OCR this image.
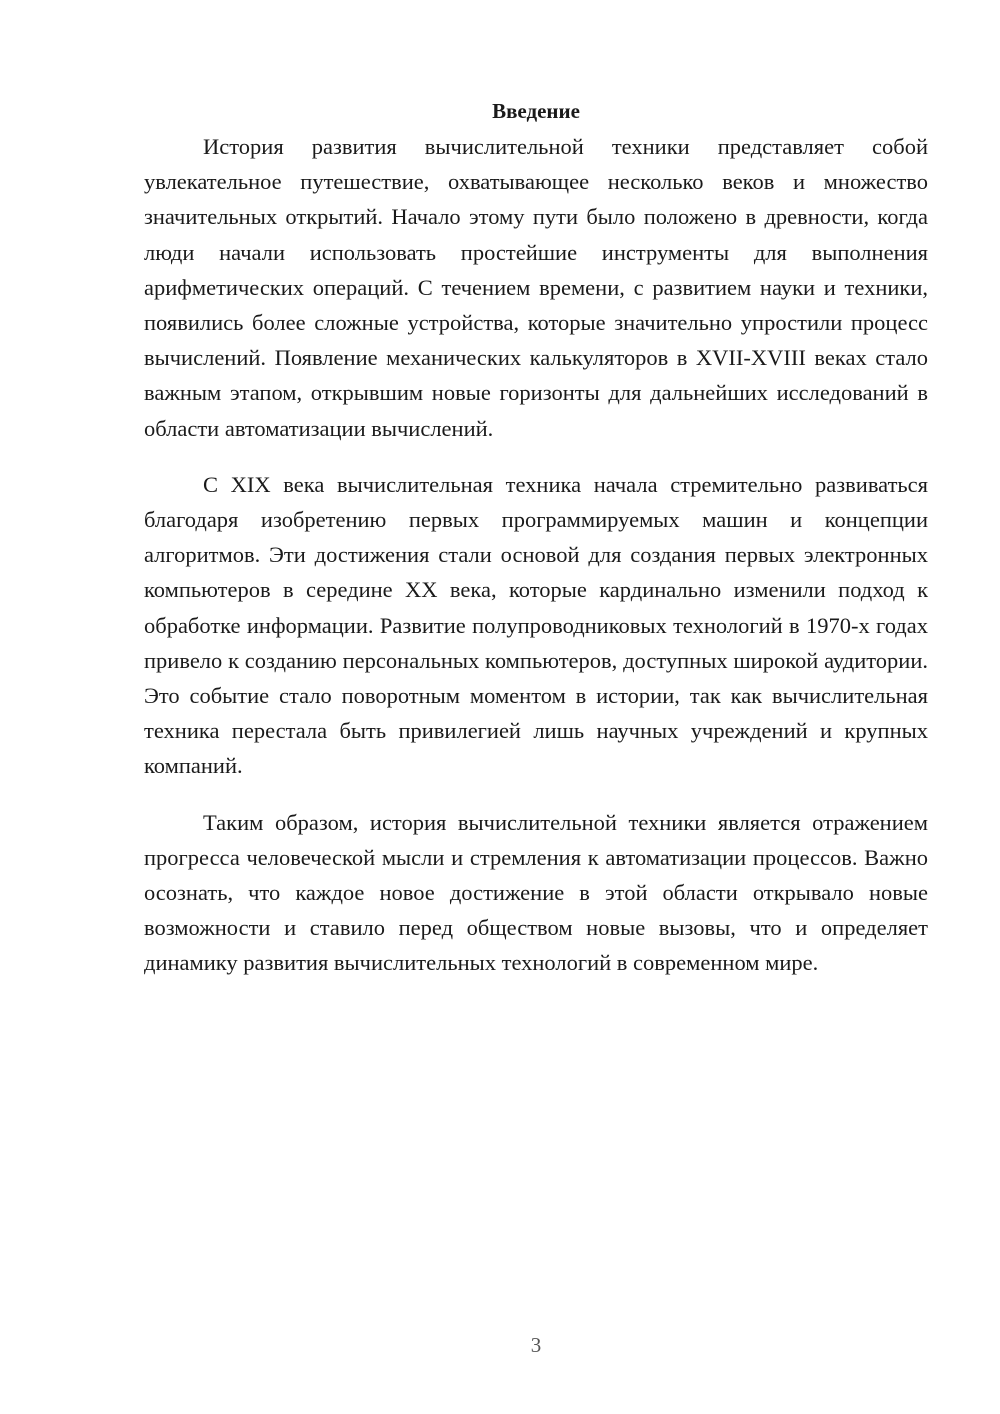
Введение

История развития вычислительной техники представляет собой увлекательное путешествие, охватывающее несколько веков и множество значительных открытий. Начало этому пути было положено в древности, когда люди начали использовать простейшие инструменты для выполнения арифметических операций. С течением времени, с развитием науки и техники, появились более сложные устройства, которые значительно упростили процесс вычислений. Появление механических калькуляторов в XVII-XVIII веках стало важным этапом, открывшим новые горизонты для дальнейших исследований в области автоматизации вычислений.

С XIX века вычислительная техника начала стремительно развиваться благодаря изобретению первых программируемых машин и концепции алгоритмов. Эти достижения стали основой для создания первых электронных компьютеров в середине XX века, которые кардинально изменили подход к обработке информации. Развитие полупроводниковых технологий в 1970-х годах привело к созданию персональных компьютеров, доступных широкой аудитории. Это событие стало поворотным моментом в истории, так как вычислительная техника перестала быть привилегией лишь научных учреждений и крупных компаний.

Таким образом, история вычислительной техники является отражением прогресса человеческой мысли и стремления к автоматизации процессов. Важно осознать, что каждое новое достижение в этой области открывало новые возможности и ставило перед обществом новые вызовы, что и определяет динамику развития вычислительных технологий в современном мире.

3
